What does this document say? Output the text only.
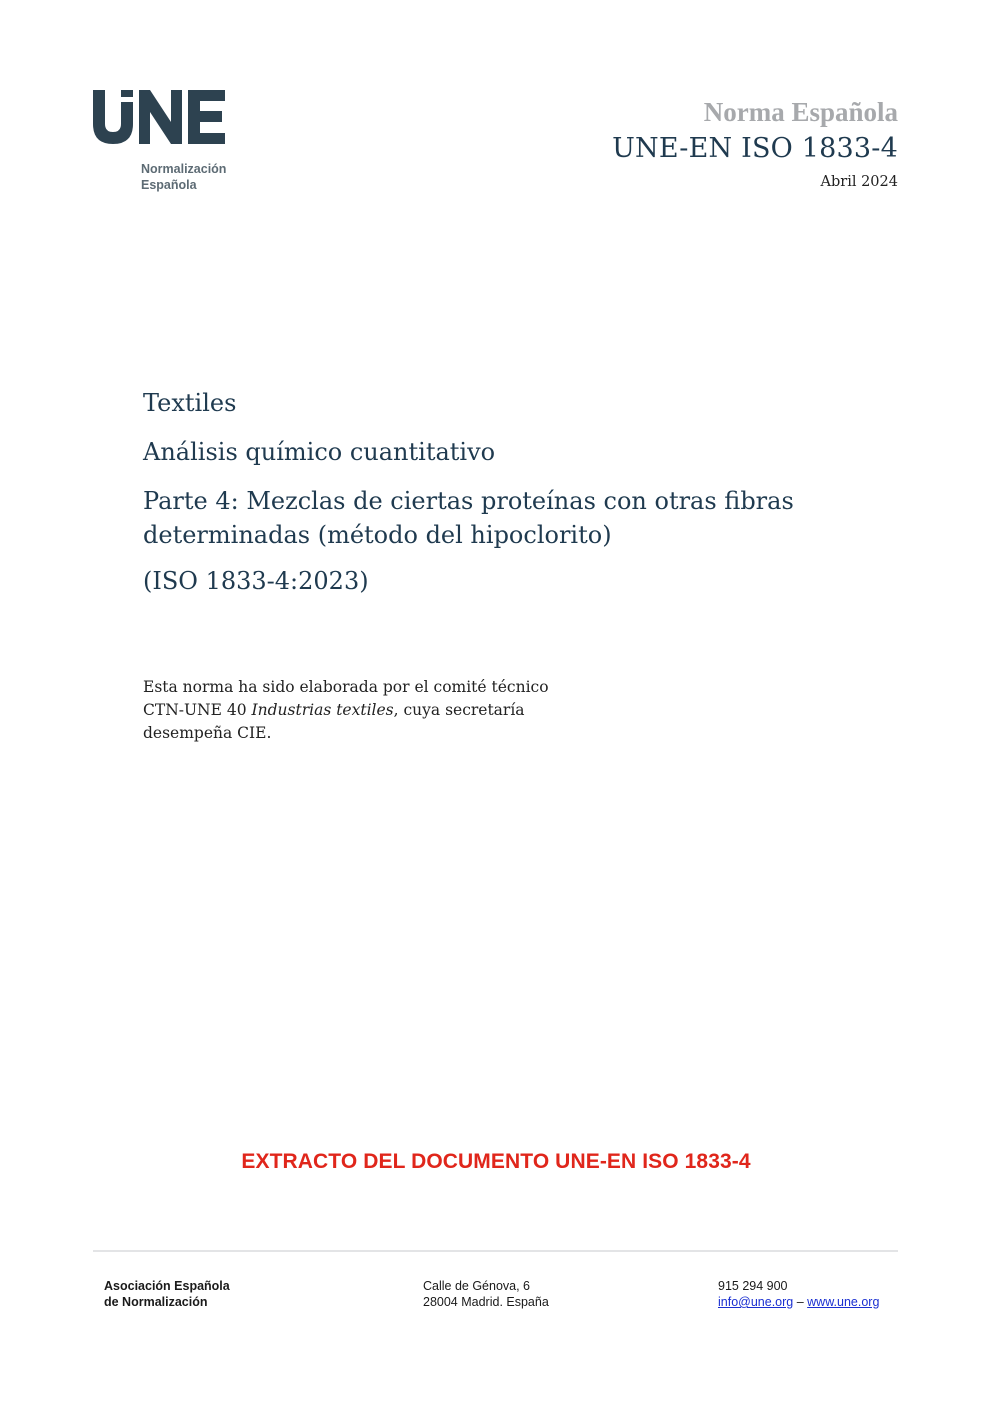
Normalización
Española
Norma Española
UNE-EN ISO 1833-4
Abril 2024
Textiles
Análisis químico cuantitativo
Parte 4: Mezclas de ciertas proteínas con otras fibras
determinadas (método del hipoclorito)
(ISO 1833-4:2023)
Esta norma ha sido elaborada por el comité técnico
CTN-UNE 40 Industrias textiles, cuya secretaría
desempeña CIE.
EXTRACTO DEL DOCUMENTO UNE-EN ISO 1833-4
Asociación Española
de Normalización
Calle de Génova, 6
28004 Madrid. España
915 294 900
info@une.org – www.une.org
